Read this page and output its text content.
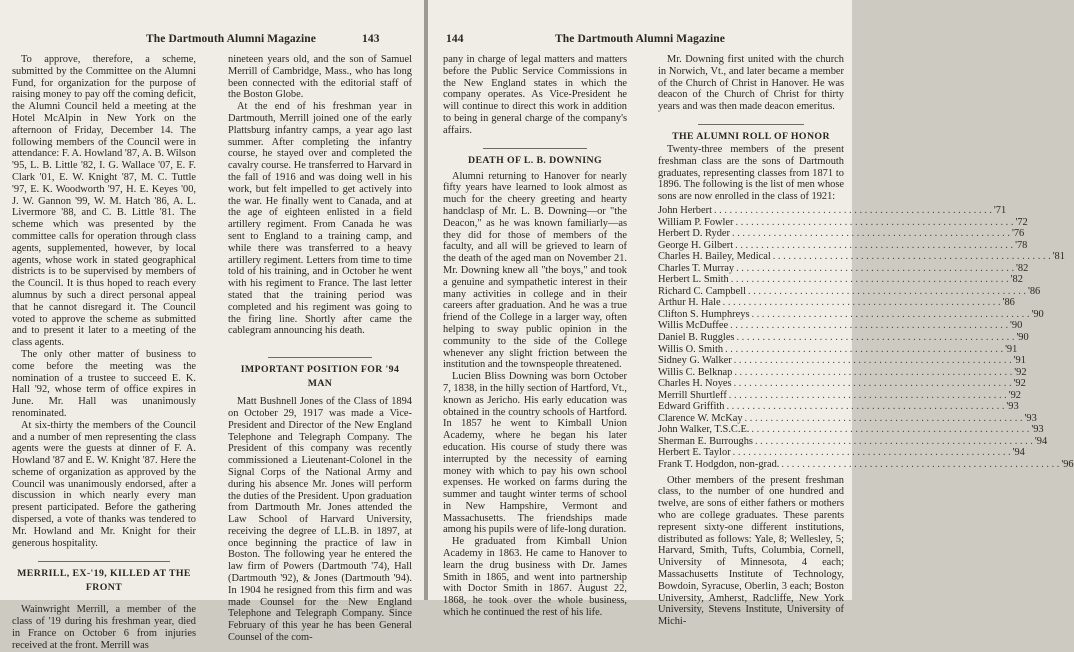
The Dartmouth Alumni Magazine	143

To approve, therefore, a scheme, submitted by the Committee on the Alumni Fund, for organization for the purpose of raising money to pay off the coming deficit, the Alumni Council held a meeting at the Hotel McAlpin in New York on the afternoon of Friday, December 14. The following members of the Council were in attendance: F. A. Howland '87, A. B. Wilson '95, L. B. Little '82, I. G. Wallace '07, E. F. Clark '01, E. W. Knight '87, M. C. Tuttle '97, E. K. Woodworth '97, H. E. Keyes '00, J. W. Gannon '99, W. M. Hatch '86, A. L. Livermore '88, and C. B. Little '81. The scheme which was presented by the committee calls for operation through class agents, supplemented, however, by local agents, whose work in stated geographical districts is to be supervised by members of the Council. It is thus hoped to reach every alumnus by such a direct personal appeal that he cannot disregard it. The Council voted to approve the scheme as submitted and to present it later to a meeting of the class agents.

The only other matter of business to come before the meeting was the nomination of a trustee to succeed E. K. Hall '92, whose term of office expires in June. Mr. Hall was unanimously renominated.

At six-thirty the members of the Council and a number of men representing the class agents were the guests at dinner of F. A. Howland '87 and E. W. Knight '87. Here the scheme of organization as approved by the Council was unanimously endorsed, after a discussion in which nearly every man present participated. Before the gathering dispersed, a vote of thanks was tendered to Mr. Howland and Mr. Knight for their generous hospitality.

MERRILL, EX-'19, KILLED AT THE FRONT

Wainwright Merrill, a member of the class of '19 during his freshman year, died in France on October 6 from injuries received at the front. Merrill was

nineteen years old, and the son of Samuel Merrill of Cambridge, Mass., who has long been connected with the editorial staff of the Boston Globe.

At the end of his freshman year in Dartmouth, Merrill joined one of the early Plattsburg infantry camps, a year ago last summer. After completing the infantry course, he stayed over and completed the cavalry course. He transferred to Harvard in the fall of 1916 and was doing well in his work, but felt impelled to get actively into the war. He finally went to Canada, and at the age of eighteen enlisted in a field artillery regiment. From Canada he was sent to England to a training camp, and while there was transferred to a heavy artillery regiment. Letters from time to time told of his training, and in October he went with his regiment to France. The last letter stated that the training period was completed and his regiment was going to the firing line. Shortly after came the cablegram announcing his death.

IMPORTANT POSITION FOR '94 MAN

Matt Bushnell Jones of the Class of 1894 on October 29, 1917 was made a Vice-President and Director of the New England Telephone and Telegraph Company. The President of this company was recently commissioned a Lieutenant-Colonel in the Signal Corps of the National Army and during his absence Mr. Jones will perform the duties of the President. Upon graduation from Dartmouth Mr. Jones attended the Law School of Harvard University, receiving the degree of LL.B. in 1897, at once beginning the practice of law in Boston. The following year he entered the law firm of Powers (Dartmouth '74), Hall (Dartmouth '92), & Jones (Dartmouth '94). In 1904 he resigned from this firm and was made Counsel for the New England Telephone and Telegraph Company. Since February of this year he has been General Counsel of the com-

144	The Dartmouth Alumni Magazine

pany in charge of legal matters and matters before the Public Service Commissions in the New England states in which the company operates. As Vice-President he will continue to direct this work in addition to being in general charge of the company's affairs.

DEATH OF L. B. DOWNING

Alumni returning to Hanover for nearly fifty years have learned to look almost as much for the cheery greeting and hearty handclasp of Mr. L. B. Downing—or "the Deacon," as he was known familiarly—as they did for those of members of the faculty, and all will be grieved to learn of the death of the aged man on November 21. Mr. Downing knew all "the boys," and took a genuine and sympathetic interest in their many activities in college and in their careers after graduation. And he was a true friend of the College in a larger way, often helping to sway public opinion in the community to the side of the College whenever any slight friction between the institution and the townspeople threatened.

Lucien Bliss Downing was born October 7, 1838, in the hilly section of Hartford, Vt., known as Jericho. His early education was obtained in the country schools of Hartford. In 1857 he went to Kimball Union Academy, where he began his later education. His course of study there was interrupted by the necessity of earning money with which to pay his own school expenses. He worked on farms during the summer and taught winter terms of school in New Hampshire, Vermont and Massachusetts. The friendships made among his pupils were of life-long duration.

He graduated from Kimball Union Academy in 1863. He came to Hanover to learn the drug business with Dr. James Smith in 1865, and went into partnership with Doctor Smith in 1867. August 22, 1868, he took over the whole business, which he continued the rest of his life.

Mr. Downing first united with the church in Norwich, Vt., and later became a member of the Church of Christ in Hanover. He was deacon of the Church of Christ for thirty years and was then made deacon emeritus.

THE ALUMNI ROLL OF HONOR

Twenty-three members of the present freshman class are the sons of Dartmouth graduates, representing classes from 1871 to 1896. The following is the list of men whose sons are now enrolled in the class of 1921:

John Herbert . . .	'71
William P. Fowler . . .	'72
Herbert D. Ryder . . .	'76
George H. Gilbert . . .	'78
Charles H. Bailey, Medical . . .	'81
Charles T. Murray . . .	'82
Herbert L. Smith . . .	'82
Richard C. Campbell . . .	'86
Arthur H. Hale . . .	'86
Clifton S. Humphreys . . .	'90
Willis McDuffee . . .	'90
Daniel B. Ruggles . . .	'90
Willis O. Smith . . .	'91
Sidney G. Walker . . .	'91
Willis C. Belknap . . .	'92
Charles H. Noyes . . .	'92
Merrill Shurtleff . . .	'92
Edward Griffith . . .	'93
Clarence W. McKay . . .	'93
John Walker, T.S.C.E. . . .	'93
Sherman E. Burroughs . . .	'94
Herbert E. Taylor . . .	'94
Frank T. Hodgdon, non-grad. . . .	'96

Other members of the present freshman class, to the number of one hundred and twelve, are sons of either fathers or mothers who are college graduates. These parents represent sixty-one different institutions, distributed as follows: Yale, 8; Wellesley, 5; Harvard, Smith, Tufts, Columbia, Cornell, University of Minnesota, 4 each; Massachusetts Institute of Technology, Bowdoin, Syracuse, Oberlin, 3 each; Boston University, Amherst, Radcliffe, New York University, Stevens Institute, University of Michi-
